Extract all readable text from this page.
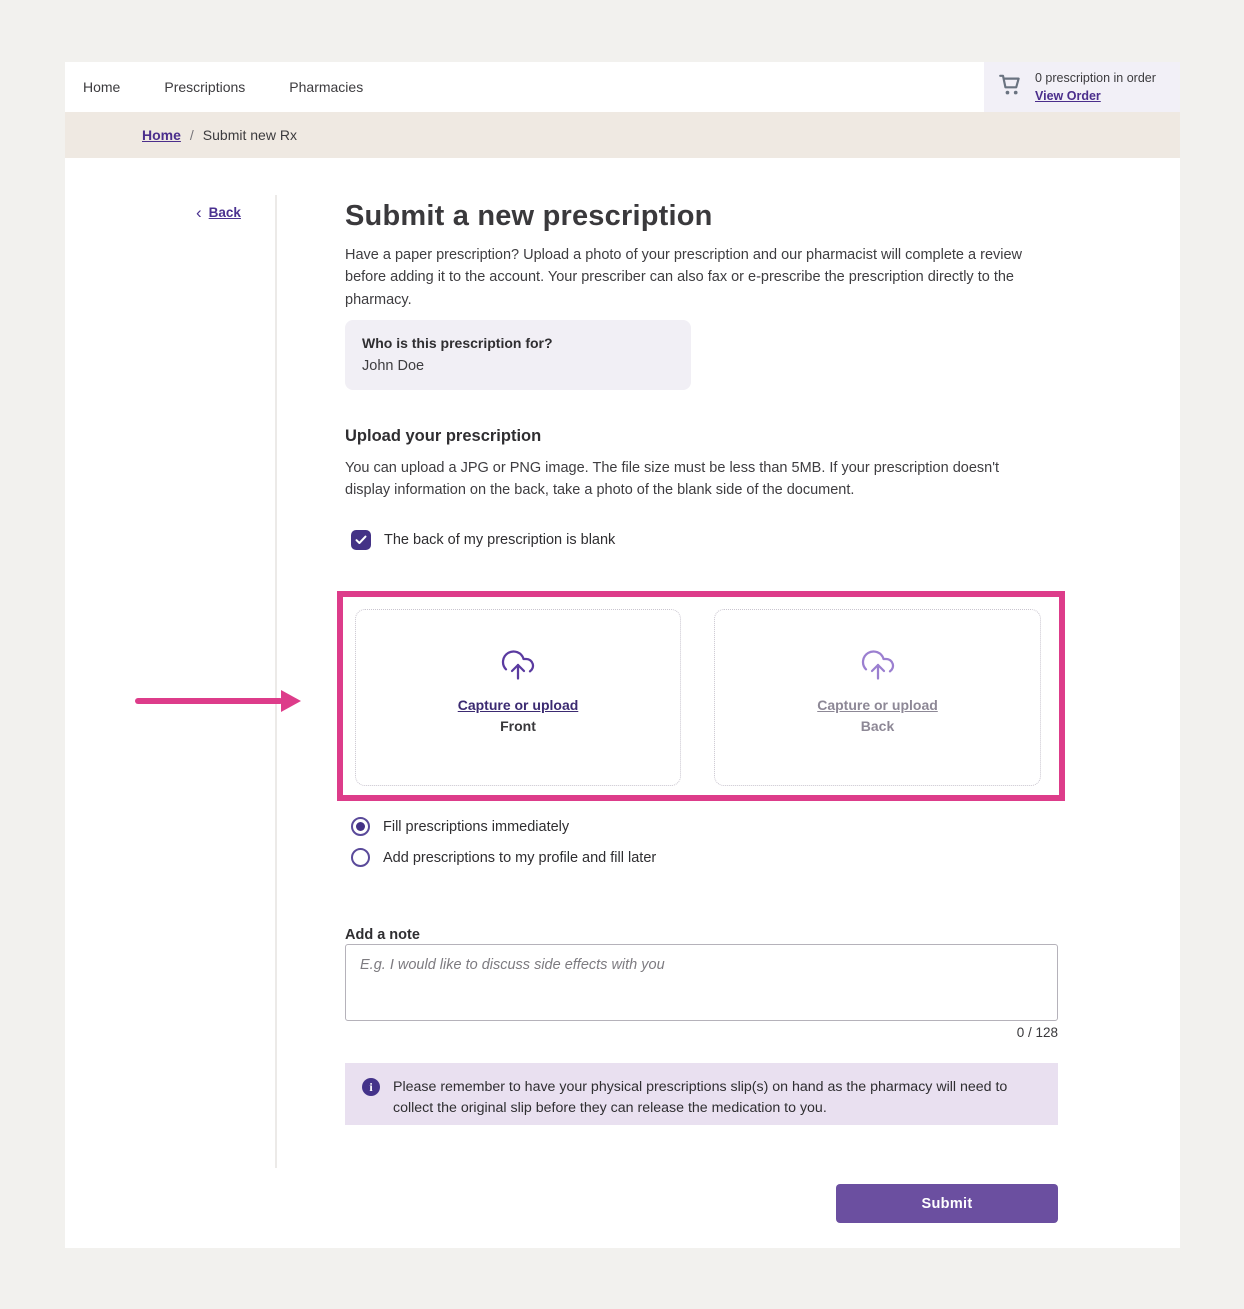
Home	Prescriptions	Pharmacies
0 prescription in order
View Order
Home / Submit new Rx
‹ Back	Submit a new prescription

Have a paper prescription? Upload a photo of your prescription and our pharmacist will complete a review before adding it to the account. Your prescriber can also fax or e-prescribe the prescription directly to the pharmacy.

Who is this prescription for?
John Doe
Upload your prescription

You can upload a JPG or PNG image. The file size must be less than 5MB. If your prescription doesn't display information on the back, take a photo of the blank side of the document.

The back of my prescription is blank
Capture or upload
Front
Capture or upload
Back
Fill prescriptions immediately
Add prescriptions to my profile and fill later
Add a note
E.g. I would like to discuss side effects with you
0 / 128
i	Please remember to have your physical prescriptions slip(s) on hand as the pharmacy will need to collect the original slip before they can release the medication to you.
Submit
